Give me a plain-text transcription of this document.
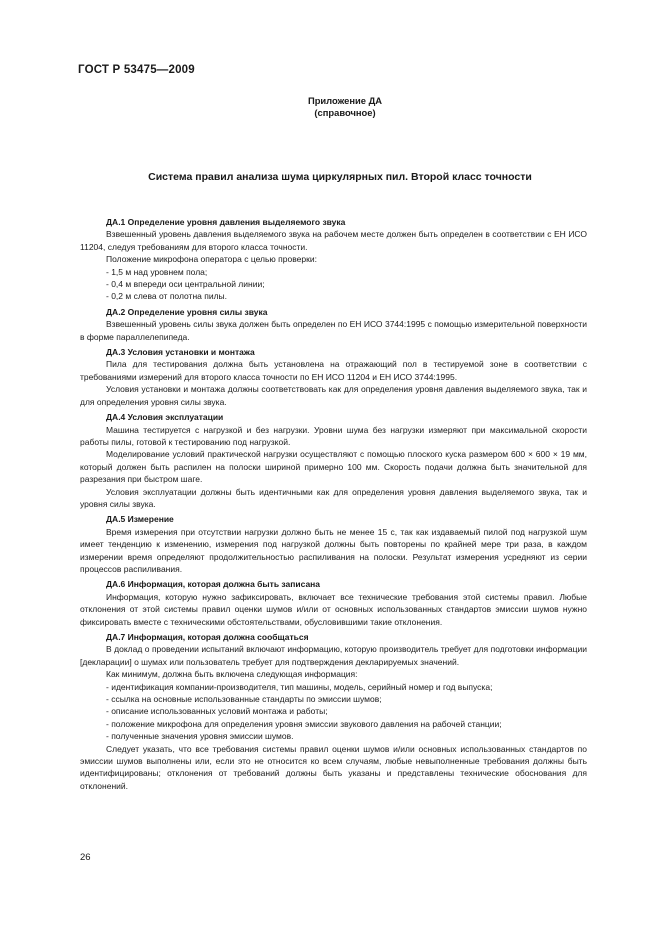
ГОСТ Р 53475—2009
Приложение ДА
(справочное)
Система правил анализа шума циркулярных пил. Второй класс точности
ДА.1 Определение уровня давления выделяемого звука
Взвешенный уровень давления выделяемого звука на рабочем месте должен быть определен в соответствии с ЕН ИСО 11204, следуя требованиям для второго класса точности.
Положение микрофона оператора с целью проверки:
- 1,5 м над уровнем пола;
- 0,4 м впереди оси центральной линии;
- 0,2 м слева от полотна пилы.
ДА.2 Определение уровня силы звука
Взвешенный уровень силы звука должен быть определен по ЕН ИСО 3744:1995 с помощью измерительной поверхности в форме параллелепипеда.
ДА.3 Условия установки и монтажа
Пила для тестирования должна быть установлена на отражающий пол в тестируемой зоне в соответствии с требованиями измерений для второго класса точности по ЕН ИСО 11204 и ЕН ИСО 3744:1995.
Условия установки и монтажа должны соответствовать как для определения уровня давления выделяемого звука, так и для определения уровня силы звука.
ДА.4 Условия эксплуатации
Машина тестируется с нагрузкой и без нагрузки. Уровни шума без нагрузки измеряют при максимальной скорости работы пилы, готовой к тестированию под нагрузкой.
Моделирование условий практической нагрузки осуществляют с помощью плоского куска размером 600 × 600 × 19 мм, который должен быть распилен на полоски шириной примерно 100 мм. Скорость подачи должна быть значительной для разрезания при быстром шаге.
Условия эксплуатации должны быть идентичными как для определения уровня давления выделяемого звука, так и уровня силы звука.
ДА.5 Измерение
Время измерения при отсутствии нагрузки должно быть не менее 15 с, так как издаваемый пилой под нагрузкой шум имеет тенденцию к изменению, измерения под нагрузкой должны быть повторены по крайней мере три раза, в каждом измерении время определяют продолжительностью распиливания на полоски. Результат измерения усредняют из серии процессов распиливания.
ДА.6 Информация, которая должна быть записана
Информация, которую нужно зафиксировать, включает все технические требования этой системы правил. Любые отклонения от этой системы правил оценки шумов и/или от основных использованных стандартов эмиссии шумов нужно фиксировать вместе с техническими обстоятельствами, обусловившими такие отклонения.
ДА.7 Информация, которая должна сообщаться
В доклад о проведении испытаний включают информацию, которую производитель требует для подготовки информации [декларации] о шумах или пользователь требует для подтверждения декларируемых значений.
Как минимум, должна быть включена следующая информация:
- идентификация компании-производителя, тип машины, модель, серийный номер и год выпуска;
- ссылка на основные использованные стандарты по эмиссии шумов;
- описание использованных условий монтажа и работы;
- положение микрофона для определения уровня эмиссии звукового давления на рабочей станции;
- полученные значения уровня эмиссии шумов.
Следует указать, что все требования системы правил оценки шумов и/или основных использованных стандартов по эмиссии шумов выполнены или, если это не относится ко всем случаям, любые невыполненные требования должны быть идентифицированы; отклонения от требований должны быть указаны и представлены технические обоснования для отклонений.
26
